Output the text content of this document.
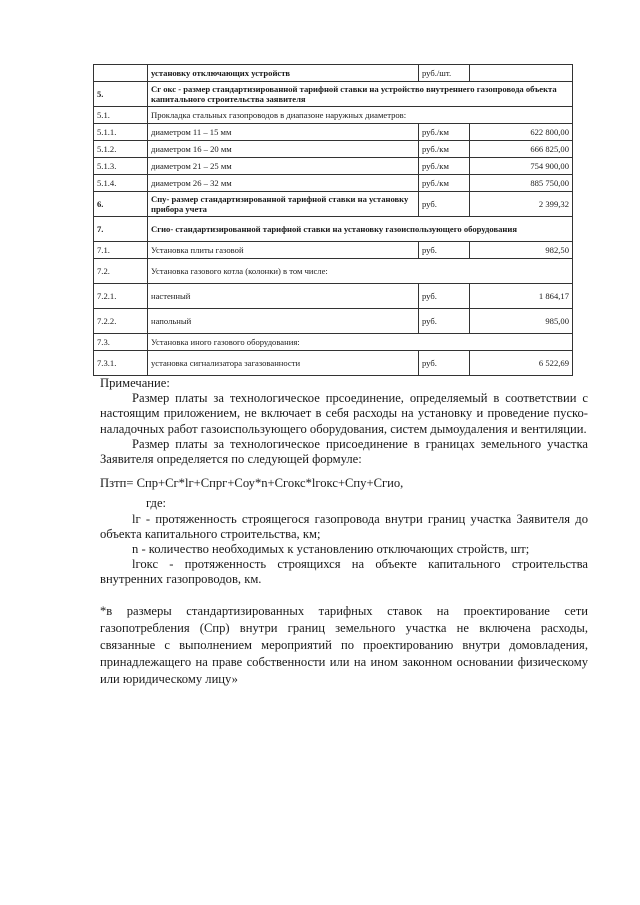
	установку отключающих устройств	руб./шт.	
5.	Cг окс - размер стандартизированной тарифной ставки на устройство внутреннего газопровода объекта капитального строительства заявителя		
5.1.	Прокладка стальных газопроводов в диапазоне наружных диаметров:		
5.1.1.	диаметром 11 – 15 мм	руб./км	622 800,00
5.1.2.	диаметром 16 – 20 мм	руб./км	666 825,00
5.1.3.	диаметром 21 – 25 мм	руб./км	754 900,00
5.1.4.	диаметром 26 – 32 мм	руб./км	885 750,00
6.	Cпу- размер стандартизированной тарифной ставки на установку прибора учета	руб.	2 399,32
7.	Cгио- стандартизированной тарифной ставки на установку газоиспользующего оборудования		
7.1.	Установка плиты газовой	руб.	982,50
7.2.	Установка газового котла (колонки) в том числе:		
7.2.1.	настенный	руб.	1 864,17
7.2.2.	напольный	руб.	985,00
7.3.	Установка иного газового оборудования:		
7.3.1.	установка сигнализатора загазованности	руб.	6 522,69

Примечание:

Размер платы за технологическое прсоединение, определяемый в соответствии с настоящим приложением, не включает в себя расходы на установку и проведение пуско-наладочных работ газоиспользующего оборудования, систем дымоудаления и вентиляции.

Размер платы за технологическое присоединение в границах земельного участка Заявителя определяется по следующей формуле:

Пзтп= Cпр+Cг*lг+Cпрг+Cоу*n+Cгокс*lгокс+Cпу+Cгио,

где:

lг - протяженность строящегося газопровода внутри границ участка Заявителя до объекта капитального строительства, км;

n - количество необходимых к установлению отключающих стройств, шт;

lгокс - протяженность строящихся на объекте капитального строительства внутренних газопроводов, км.

*в размеры стандартизированных тарифных ставок на проектирование сети газопотребления (Спр) внутри границ земельного участка не включена расходы, связанные с выполнением мероприятий по проектированию внутри домовладения, принадлежащего на праве собственности или на ином законном основании физическому или юридическому лицу»
